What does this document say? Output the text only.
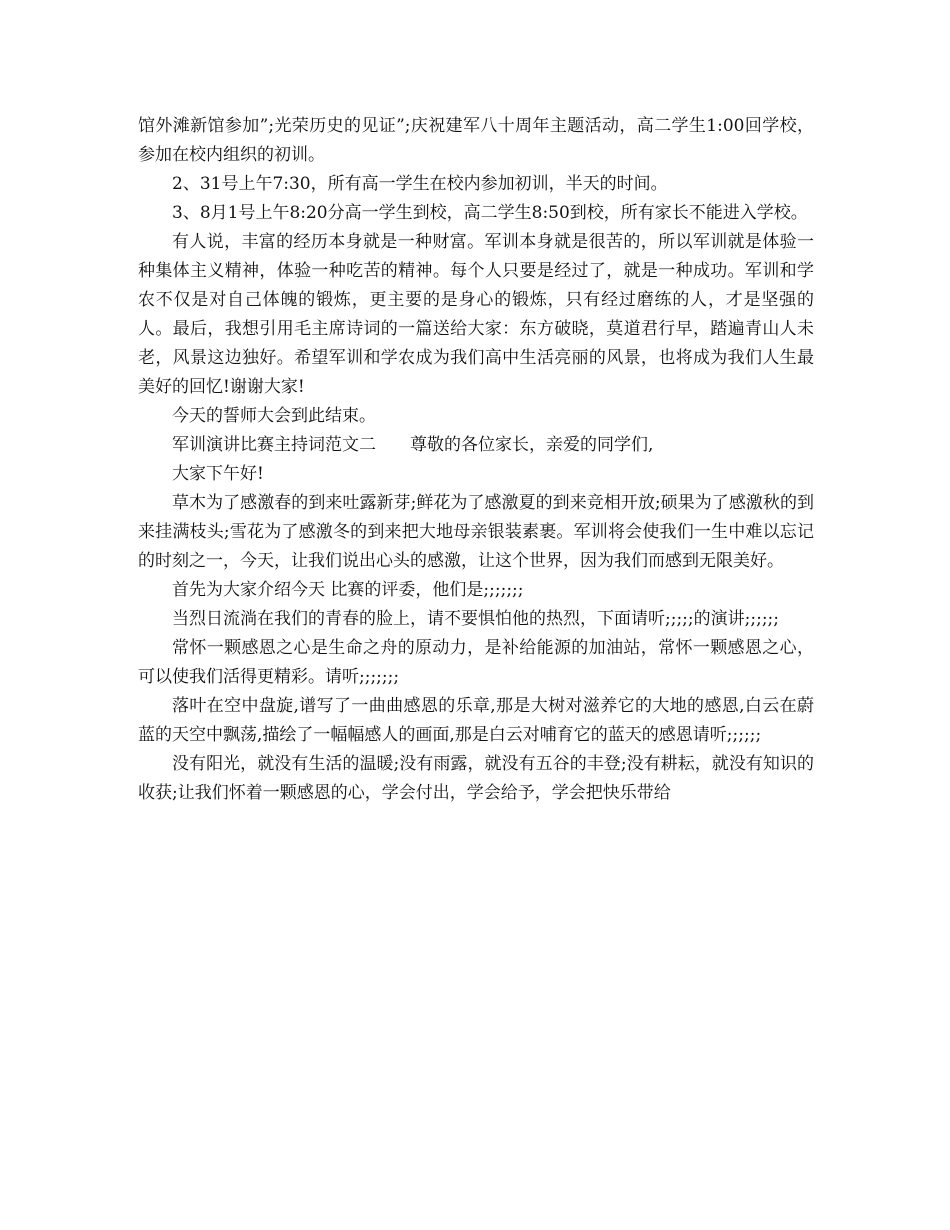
馆外滩新馆参加”;光荣历史的见证”;庆祝建军八十周年主题活动，高二学生1:00回学校，参加在校内组织的初训。

2、31号上午7:30，所有高一学生在校内参加初训，半天的时间。

3、8月1号上午8:20分高一学生到校，高二学生8:50到校，所有家长不能进入学校。

有人说，丰富的经历本身就是一种财富。军训本身就是很苦的，所以军训就是体验一种集体主义精神，体验一种吃苦的精神。每个人只要是经过了，就是一种成功。军训和学农不仅是对自己体魄的锻炼，更主要的是身心的锻炼，只有经过磨练的人，才是坚强的人。最后，我想引用毛主席诗词的一篇送给大家：东方破晓，莫道君行早，踏遍青山人未老，风景这边独好。希望军训和学农成为我们高中生活亮丽的风景，也将成为我们人生最美好的回忆!谢谢大家!

今天的誓师大会到此结束。

军训演讲比赛主持词范文二　　尊敬的各位家长，亲爱的同学们,

大家下午好!

草木为了感激春的到来吐露新芽;鲜花为了感激夏的到来竞相开放;硕果为了感激秋的到来挂满枝头;雪花为了感激冬的到来把大地母亲银装素裹。军训将会使我们一生中难以忘记的时刻之一，今天，让我们说出心头的感激，让这个世界，因为我们而感到无限美好。

首先为大家介绍今天 比赛的评委，他们是;;;;;;;

当烈日流淌在我们的青春的脸上，请不要惧怕他的热烈，下面请听;;;;;的演讲;;;;;;

常怀一颗感恩之心是生命之舟的原动力，是补给能源的加油站，常怀一颗感恩之心，可以使我们活得更精彩。请听;;;;;;;

落叶在空中盘旋,谱写了一曲曲感恩的乐章,那是大树对滋养它的大地的感恩,白云在蔚蓝的天空中飘荡,描绘了一幅幅感人的画面,那是白云对哺育它的蓝天的感恩请听;;;;;;

没有阳光，就没有生活的温暖;没有雨露，就没有五谷的丰登;没有耕耘，就没有知识的收获;让我们怀着一颗感恩的心，学会付出，学会给予，学会把快乐带给
